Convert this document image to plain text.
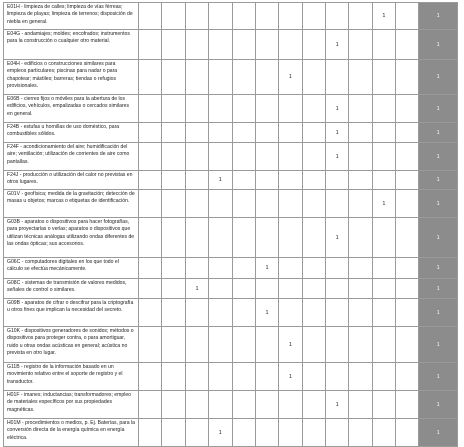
E01H - limpieza de calles; limpieza de vías férreas; limpieza de playas; limpieza de terrenos; disposición de niebla en general.											1		1
E04G - andamiajes; moldes; encofrados; instrumentos para la construcción o cualquier otro material.									1				1
E04H - edificios o construcciones similares para empleos particulares; piscinas para nadar o para chapotear; mástiles; barreras; tiendas o refugios provisionales.							1						1
E06B - cierres fijos o móviles para la abertura de los edificios, vehículos, empalizadas o cercados similares en general.									1				1
F24B - estufas u hornillas de uso doméstico, para combustibles sólidos.									1				1
F24F - acondicionamiento del aire; humidificación del aire; ventilación; utilización de corrientes de aire como pantallas.									1				1
F24J - producción o utilización del calor no previstas en otros lugares.				1									1
G01V - geofísica; medida de la gravitación; detección de masas u objetos; marcas o etiquetas de identificación.											1		1
G03B - aparatos o dispositivos para hacer fotografías, para proyectarlas o verlas; aparatos o dispositivos que utilizan técnicas análogas utilizando ondas diferentes de las ondas ópticas; sus accesorios.									1				1
G06C - computadores digitales en los que todo el cálculo se efectúa mecánicamente.						1							1
G08C - sistemas de transmisión de valores medidos, señales de control o similares.			1										1
G09B - aparatos de cifrar o descifrar para la criptografía u otros fines que implican la necesidad del secreto.						1							1
G10K - dispositivos generadores de sonidos; métodos o dispositivos para proteger contra, o para amortiguar, ruido u otras ondas acústicas en general; acústica no prevista en otro lugar.							1						1
G11B - registro de la información basado en un movimiento relativo entre el soporte de registro y el transductor.							1						1
H01F - imanes; inductancias; transformadores; empleo de materiales específicos por sus propiedades magnéticas.									1				1
H01M - procedimientos o medios, p. Ej. Baterías, para la conversión directa de la energía química en energía eléctrica.				1									1
